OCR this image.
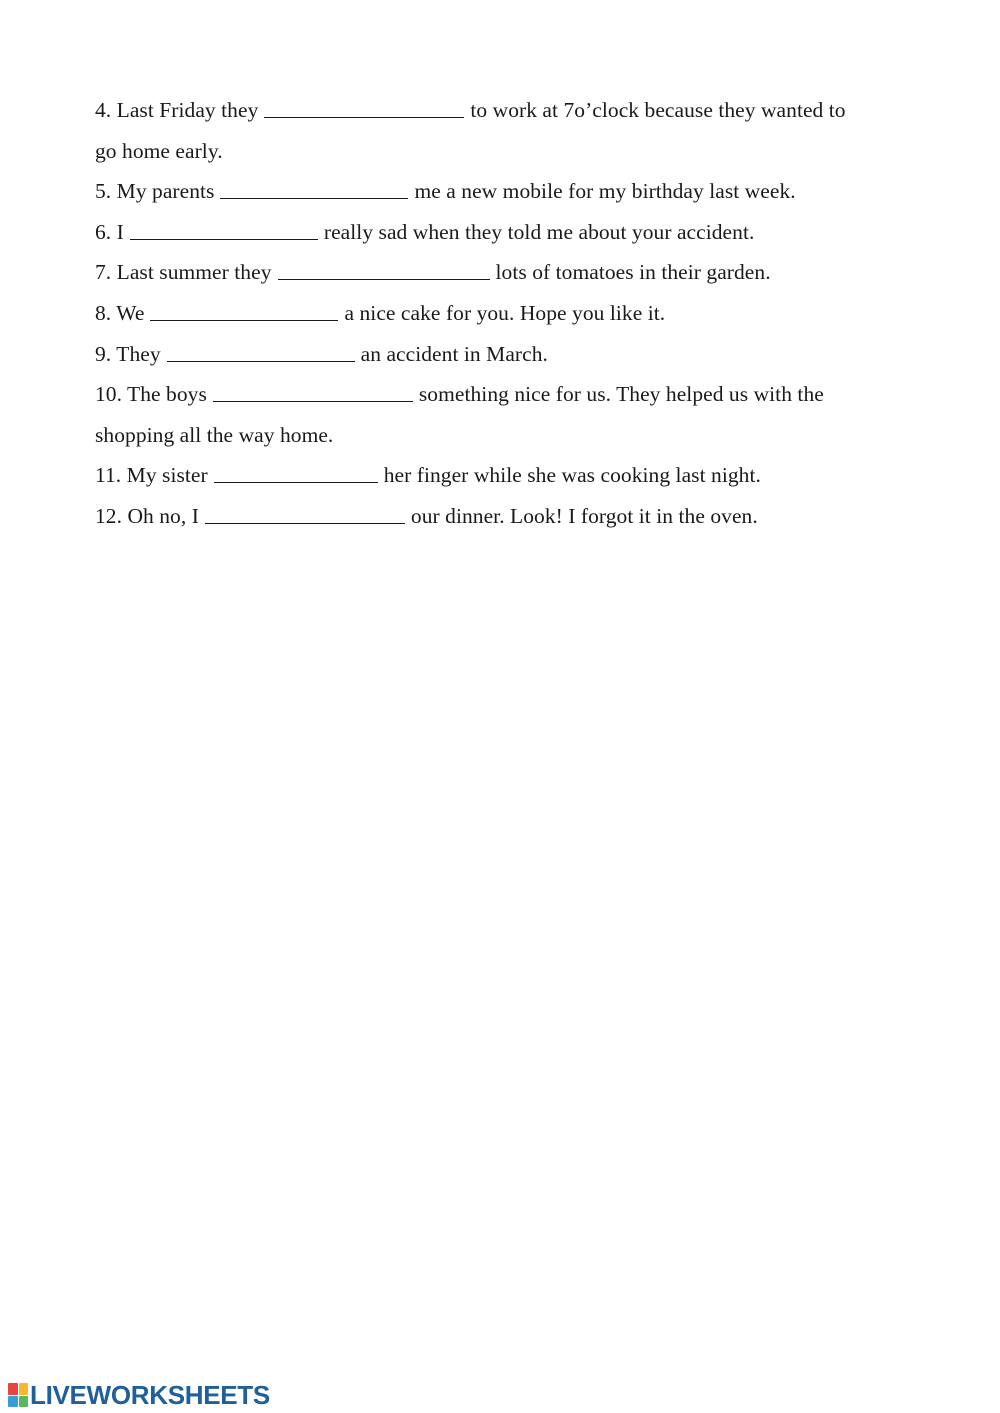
4. Last Friday they	to work at 7o’clock because they wanted to
go home early.
5. My parents	me a new mobile for my birthday last week.
6. I	really sad when they told me about your accident.
7. Last summer they	lots of tomatoes in their garden.
8. We	a nice cake for you. Hope you like it.
9. They	an accident in March.
10. The boys	something nice for us. They helped us with the
shopping all the way home.
11. My sister	her finger while she was cooking last night.
12. Oh no, I	our dinner. Look! I forgot it in the oven.
LIVEWORKSHEETS
